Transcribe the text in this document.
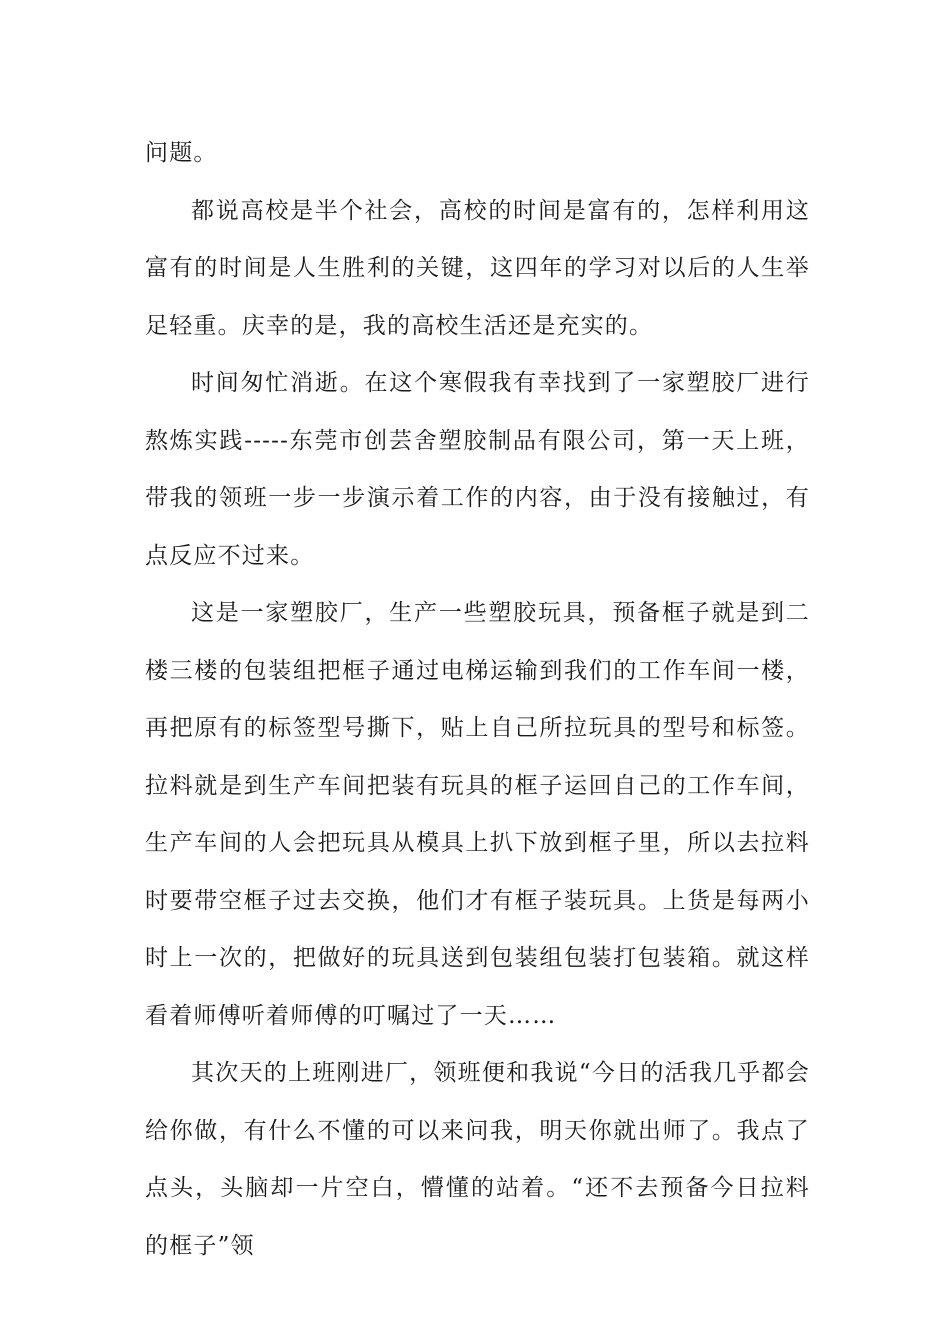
问题。

都说高校是半个社会，高校的时间是富有的，怎样利用这富有的时间是人生胜利的关键，这四年的学习对以后的人生举足轻重。庆幸的是，我的高校生活还是充实的。

时间匆忙消逝。在这个寒假我有幸找到了一家塑胶厂进行熬炼实践-----东莞市创芸舍塑胶制品有限公司，第一天上班，带我的领班一步一步演示着工作的内容，由于没有接触过，有点反应不过来。

这是一家塑胶厂，生产一些塑胶玩具，预备框子就是到二楼三楼的包装组把框子通过电梯运输到我们的工作车间一楼，再把原有的标签型号撕下，贴上自己所拉玩具的型号和标签。拉料就是到生产车间把装有玩具的框子运回自己的工作车间，生产车间的人会把玩具从模具上扒下放到框子里，所以去拉料时要带空框子过去交换，他们才有框子装玩具。上货是每两小时上一次的，把做好的玩具送到包装组包装打包装箱。就这样看着师傅听着师傅的叮嘱过了一天……

其次天的上班刚进厂，领班便和我说“今日的活我几乎都会给你做，有什么不懂的可以来问我，明天你就出师了。我点了点头，头脑却一片空白，懵懂的站着。“还不去预备今日拉料的框子”领
